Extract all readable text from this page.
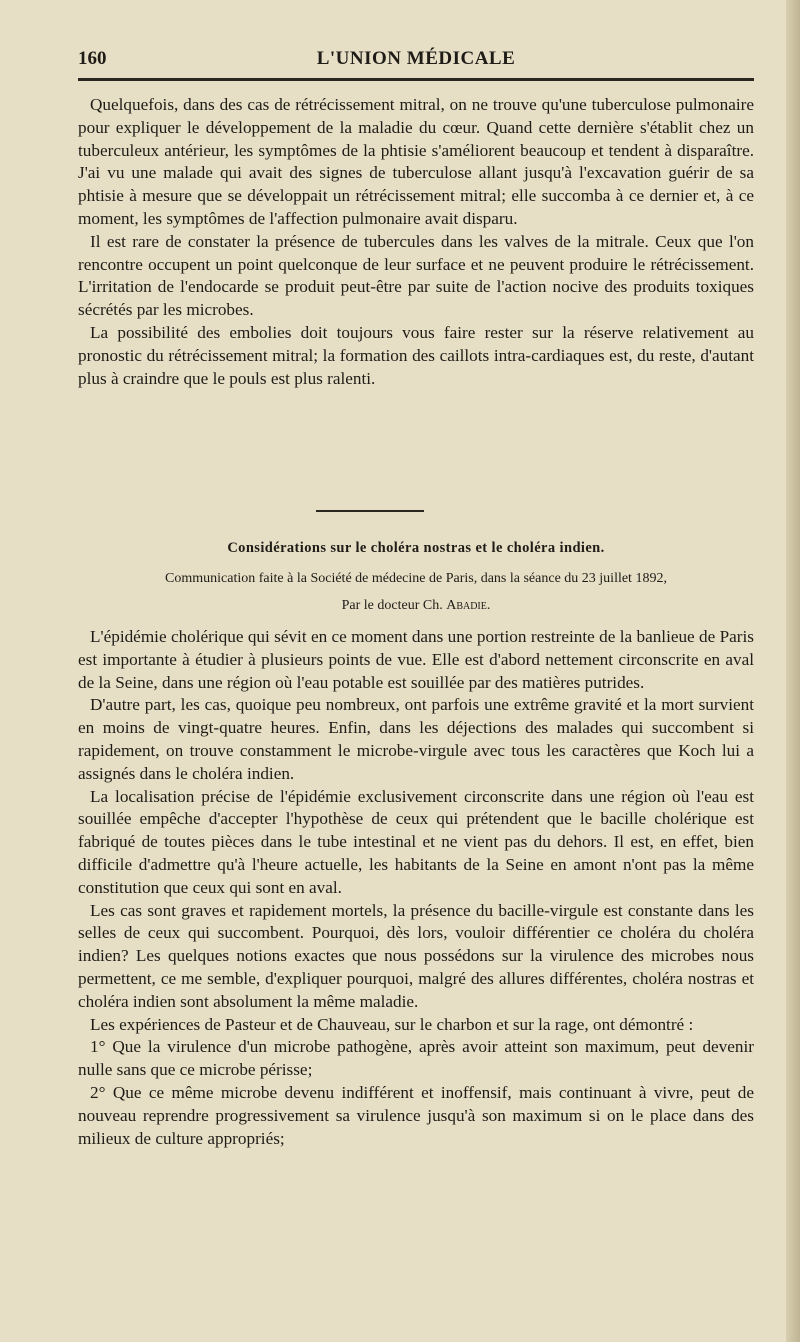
160	L'UNION MÉDICALE

Quelquefois, dans des cas de rétrécissement mitral, on ne trouve qu'une tuberculose pulmonaire pour expliquer le développement de la maladie du cœur. Quand cette dernière s'établit chez un tuberculeux antérieur, les symptômes de la phtisie s'améliorent beaucoup et tendent à disparaître. J'ai vu une malade qui avait des signes de tuberculose allant jusqu'à l'excavation guérir de sa phtisie à mesure que se développait un rétrécissement mitral; elle succomba à ce dernier et, à ce moment, les symptômes de l'affection pulmonaire avait disparu.

Il est rare de constater la présence de tubercules dans les valves de la mitrale. Ceux que l'on rencontre occupent un point quelconque de leur surface et ne peuvent produire le rétrécissement. L'irritation de l'endocarde se produit peut-être par suite de l'action nocive des produits toxiques sécrétés par les microbes.

La possibilité des embolies doit toujours vous faire rester sur la réserve relativement au pronostic du rétrécissement mitral; la formation des caillots intra-cardiaques est, du reste, d'autant plus à craindre que le pouls est plus ralenti.

Considérations sur le choléra nostras et le choléra indien.
Communication faite à la Société de médecine de Paris, dans la séance du 23 juillet 1892,
Par le docteur Ch. Abadie.

L'épidémie cholérique qui sévit en ce moment dans une portion restreinte de la banlieue de Paris est importante à étudier à plusieurs points de vue. Elle est d'abord nettement circonscrite en aval de la Seine, dans une région où l'eau potable est souillée par des matières putrides.

D'autre part, les cas, quoique peu nombreux, ont parfois une extrême gravité et la mort survient en moins de vingt-quatre heures. Enfin, dans les déjections des malades qui succombent si rapidement, on trouve constamment le microbe-virgule avec tous les caractères que Koch lui a assignés dans le choléra indien.

La localisation précise de l'épidémie exclusivement circonscrite dans une région où l'eau est souillée empêche d'accepter l'hypothèse de ceux qui prétendent que le bacille cholérique est fabriqué de toutes pièces dans le tube intestinal et ne vient pas du dehors. Il est, en effet, bien difficile d'admettre qu'à l'heure actuelle, les habitants de la Seine en amont n'ont pas la même constitution que ceux qui sont en aval.

Les cas sont graves et rapidement mortels, la présence du bacille-virgule est constante dans les selles de ceux qui succombent. Pourquoi, dès lors, vouloir différentier ce choléra du choléra indien? Les quelques notions exactes que nous possédons sur la virulence des microbes nous permettent, ce me semble, d'expliquer pourquoi, malgré des allures différentes, choléra nostras et choléra indien sont absolument la même maladie.

Les expériences de Pasteur et de Chauveau, sur le charbon et sur la rage, ont démontré :

1° Que la virulence d'un microbe pathogène, après avoir atteint son maximum, peut devenir nulle sans que ce microbe périsse;

2° Que ce même microbe devenu indifférent et inoffensif, mais continuant à vivre, peut de nouveau reprendre progressivement sa virulence jusqu'à son maximum si on le place dans des milieux de culture appropriés;
